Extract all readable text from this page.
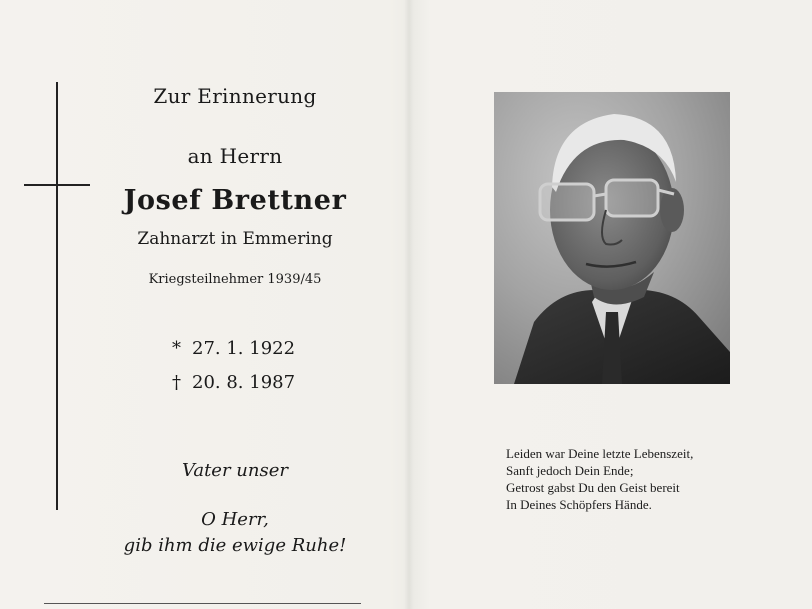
Zur Erinnerung
an Herrn
Josef Brettner
Zahnarzt in Emmering
Kriegsteilnehmer 1939/45
* 27. 1. 1922
† 20. 8. 1987
Vater unser
O Herr,
gib ihm die ewige Ruhe!
Leiden war Deine letzte Lebenszeit,
Sanft jedoch Dein Ende;
Getrost gabst Du den Geist bereit
In Deines Schöpfers Hände.
